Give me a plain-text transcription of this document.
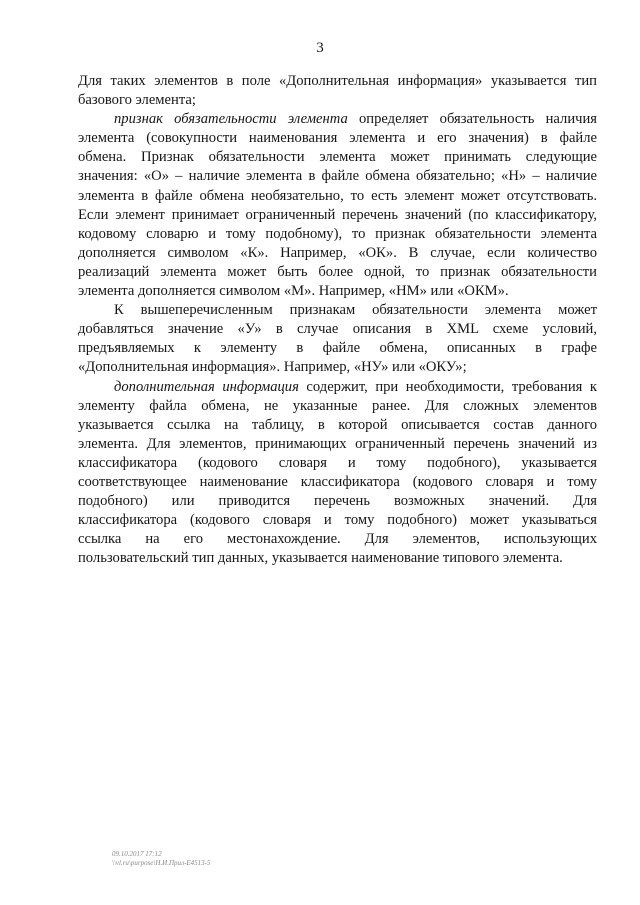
3
Для таких элементов в поле «Дополнительная информация» указывается тип
базового элемента;
признак обязательности элемента определяет обязательность наличия
элемента (совокупности наименования элемента и его значения) в файле
обмена. Признак обязательности элемента может принимать следующие
значения: «О» – наличие элемента в файле обмена обязательно; «Н» – наличие
элемента в файле обмена необязательно, то есть элемент может отсутствовать.
Если элемент принимает ограниченный перечень значений (по классификатору,
кодовому словарю и тому подобному), то признак обязательности элемента
дополняется символом «К». Например, «ОК». В случае, если количество
реализаций элемента может быть более одной, то признак обязательности
элемента дополняется символом «М». Например, «НМ» или «ОКМ».
К вышеперечисленным признакам обязательности элемента может
добавляться значение «У» в случае описания в XML схеме условий,
предъявляемых к элементу в файле обмена, описанных в графе
«Дополнительная информация». Например, «НУ» или «ОКУ»;
дополнительная информация содержит, при необходимости, требования к
элементу файла обмена, не указанные ранее. Для сложных элементов
указывается ссылка на таблицу, в которой описывается состав данного
элемента. Для элементов, принимающих ограниченный перечень значений из
классификатора (кодового словаря и тому подобного), указывается
соответствующее наименование классификатора (кодового словаря и тому
подобного) или приводится перечень возможных значений. Для
классификатора (кодового словаря и тому подобного) может указываться
ссылка на его местонахождение. Для элементов, использующих
пользовательский тип данных, указывается наименование типового элемента.
09.10.2017 17:12
\\vl.ru\purpose\Н.И.Прил-E4513-5
